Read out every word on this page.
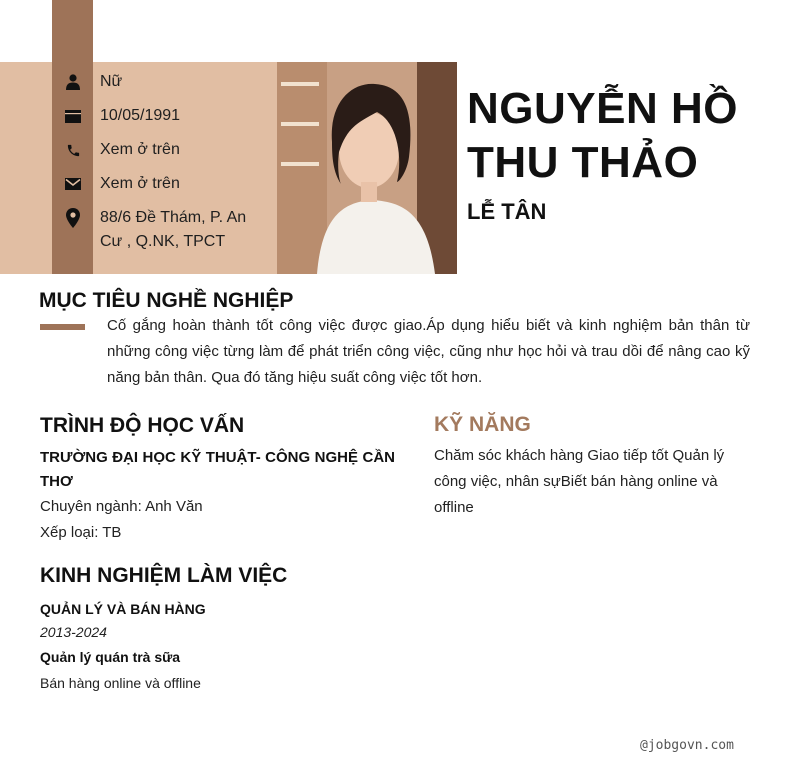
Nữ
10/05/1991
Xem ở trên
Xem ở trên
88/6 Đề Thám, P. An Cư , Q.NK, TPCT
NGUYỄN HỒ
THU THẢO
LỄ TÂN
MỤC TIÊU NGHỀ NGHIỆP
Cố gắng hoàn thành tốt công việc được giao.Áp dụng hiểu biết và kinh nghiệm bản thân từ những công việc từng làm để phát triển công việc, cũng như học hỏi và trau dồi để nâng cao kỹ năng bản thân. Qua đó tăng hiệu suất công việc tốt hơn.
TRÌNH ĐỘ HỌC VẤN
TRƯỜNG ĐẠI HỌC KỸ THUẬT- CÔNG NGHỆ CẦN THƠ
Chuyên ngành: Anh Văn
Xếp loại: TB
KINH NGHIỆM LÀM VIỆC
QUẢN LÝ VÀ BÁN HÀNG
2013-2024
Quản lý quán trà sữa
Bán hàng online và offline
KỸ NĂNG
Chăm sóc khách hàng Giao tiếp tốt Quản lý công việc, nhân sựBiết bán hàng online và offline
@jobgovn.com
